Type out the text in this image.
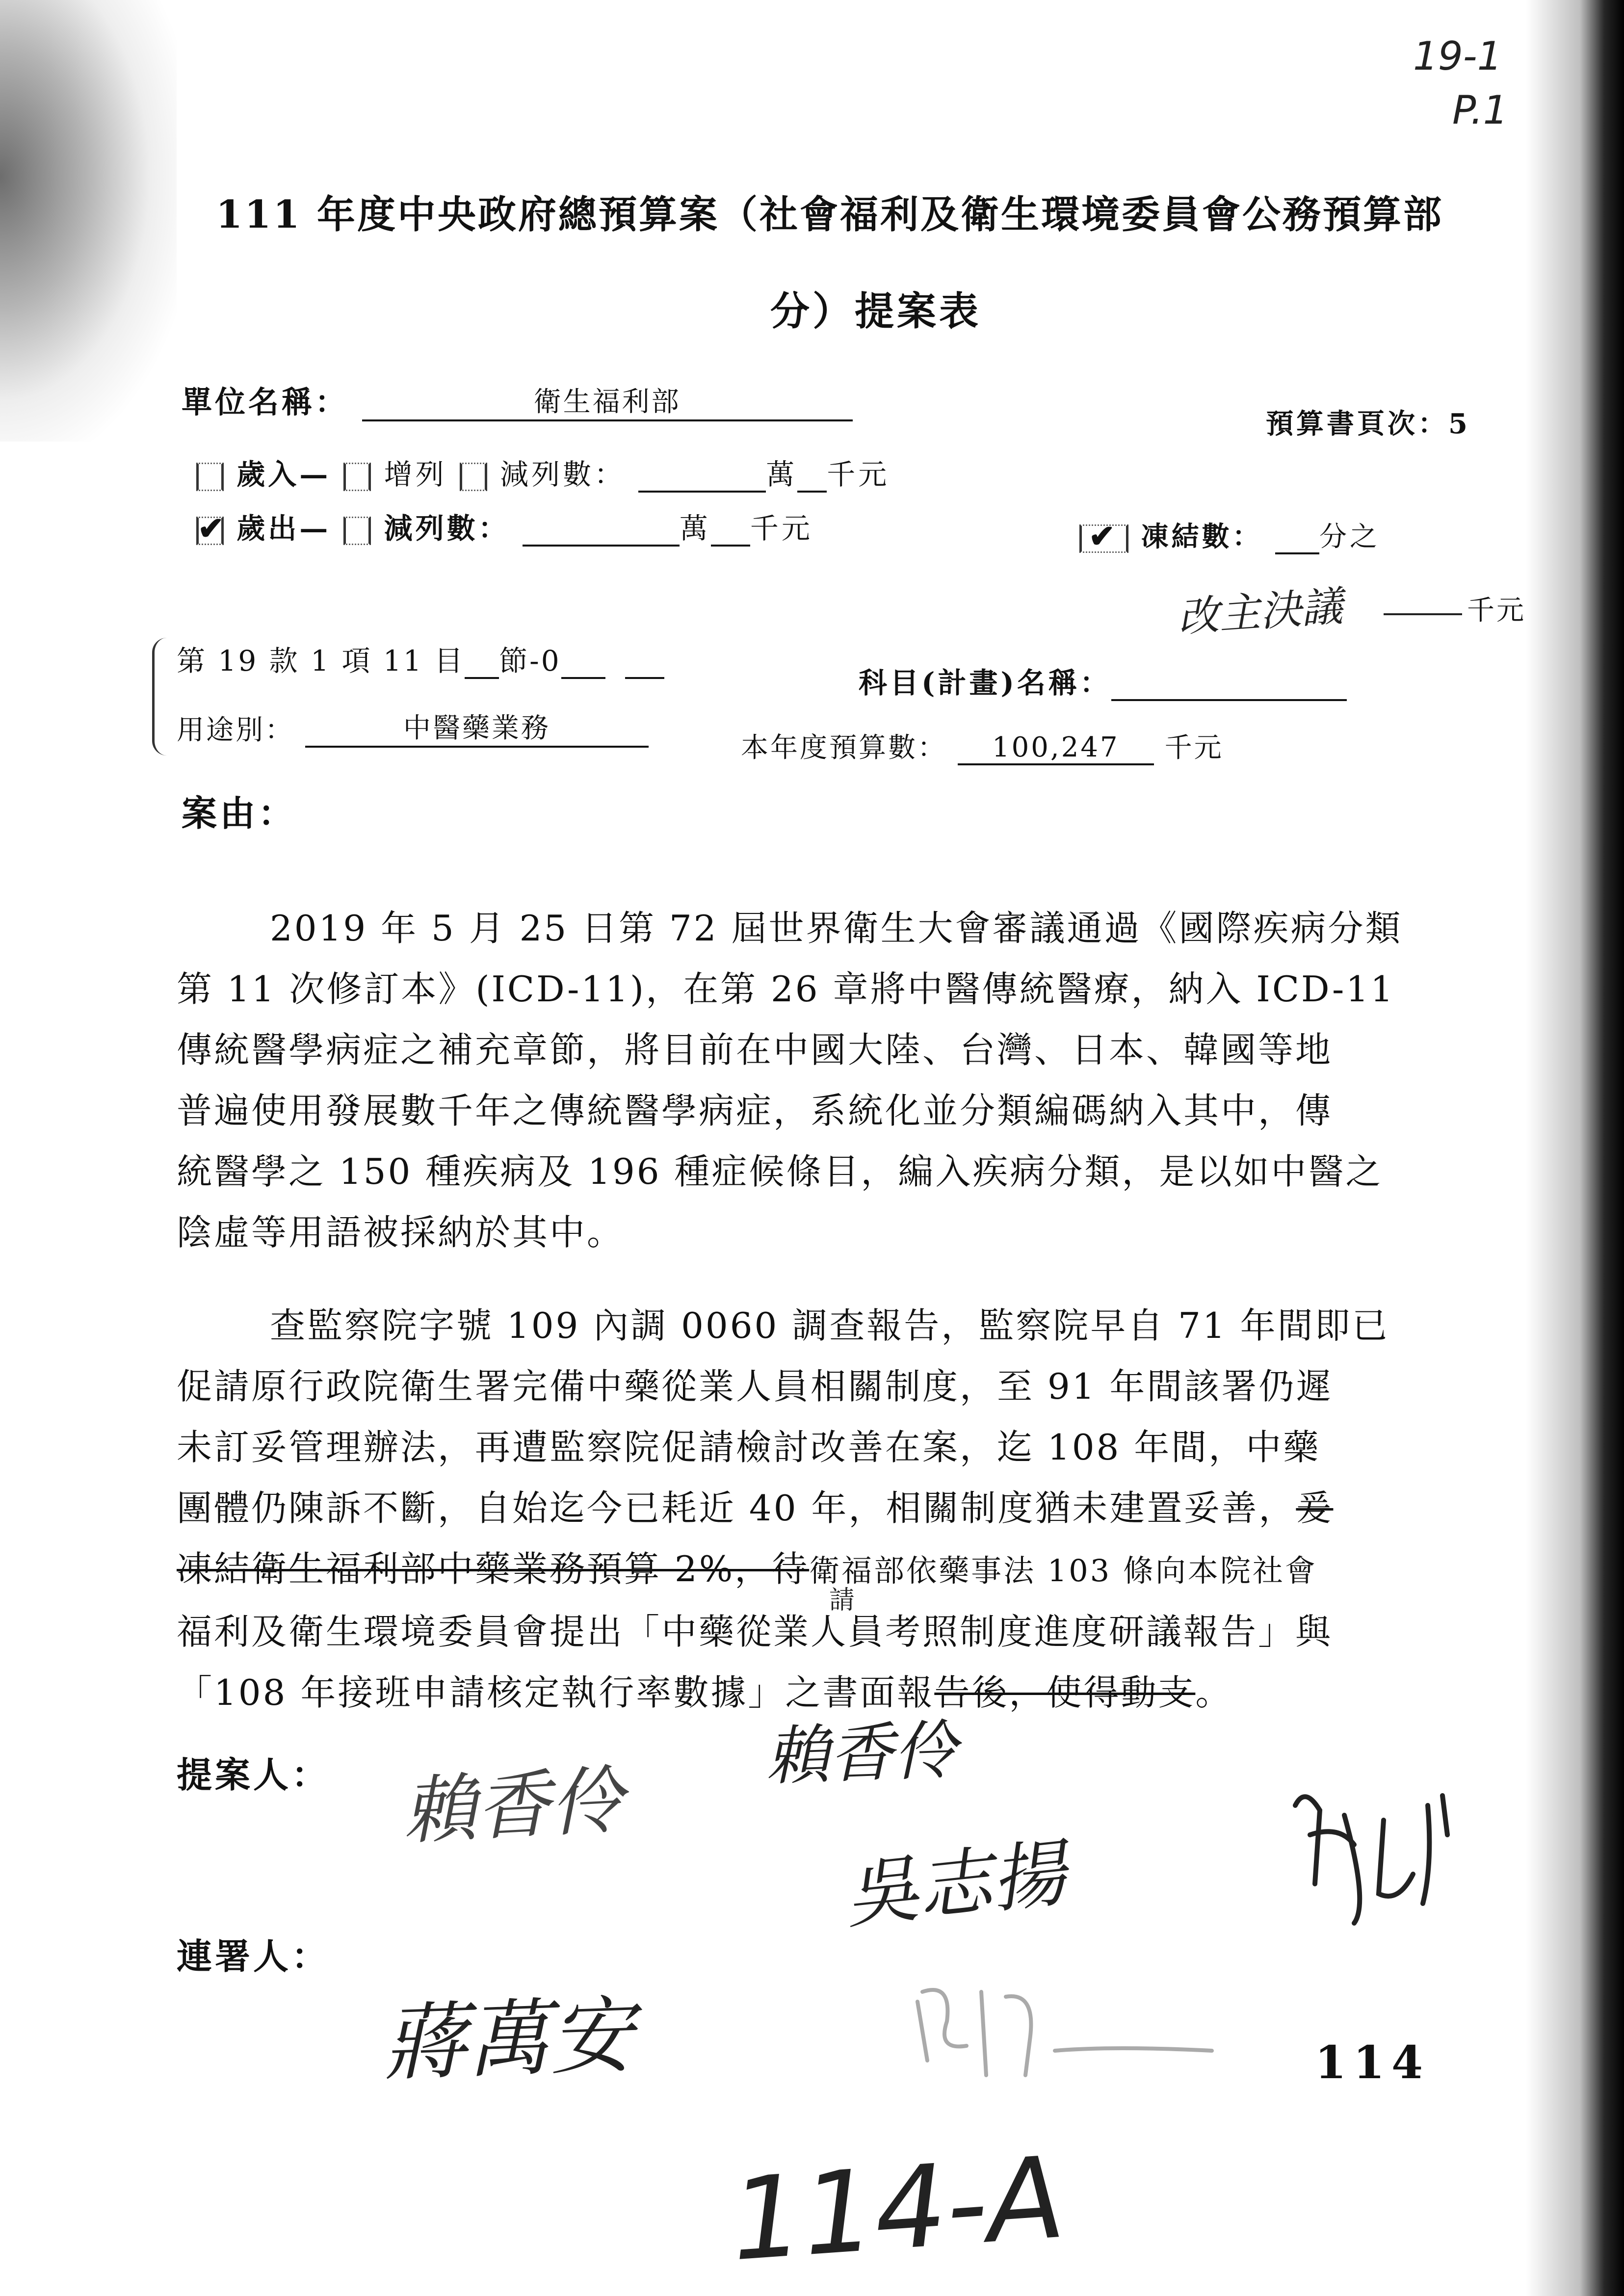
19-1
P.1
111 年度中央政府總預算案（社會福利及衛生環境委員會公務預算部
分）提案表
單位名稱：	衛生福利部
預算書頁次：5
歲入— 增列 減列數：	萬 千元
✔ 歲出— 減列數：	萬 千元	✔ 凍結數： 分之
改主決議	千元
第 19 款 1 項 11 目 節-0
科目(計畫)名稱：
用途別：	中醫藥業務
本年度預算數： 100,247 千元
案由：
2019 年 5 月 25 日第 72 屆世界衛生大會審議通過《國際疾病分類
第 11 次修訂本》(ICD-11)，在第 26 章將中醫傳統醫療，納入 ICD-11
傳統醫學病症之補充章節，將目前在中國大陸、台灣、日本、韓國等地
普遍使用發展數千年之傳統醫學病症，系統化並分類編碼納入其中，傳
統醫學之 150 種疾病及 196 種症候條目，編入疾病分類，是以如中醫之
陰虛等用語被採納於其中。
查監察院字號 109 內調 0060 調查報告，監察院早自 71 年間即已
促請原行政院衛生署完備中藥從業人員相關制度，至 91 年間該署仍遲
未訂妥管理辦法，再遭監察院促請檢討改善在案，迄 108 年間，中藥
團體仍陳訴不斷，自始迄今已耗近 40 年，相關制度猶未建置妥善，爰
凍結衛生福利部中藥業務預算 2%，待衛福部依藥事法 103 條向本院社會
請
福利及衛生環境委員會提出「中藥從業人員考照制度進度研議報告」與
「108 年接班申請核定執行率數據」之書面報告後，使得動支。
提案人：
連署人：
賴香伶
賴香伶
吳志揚
蔣萬安	114
114-A
